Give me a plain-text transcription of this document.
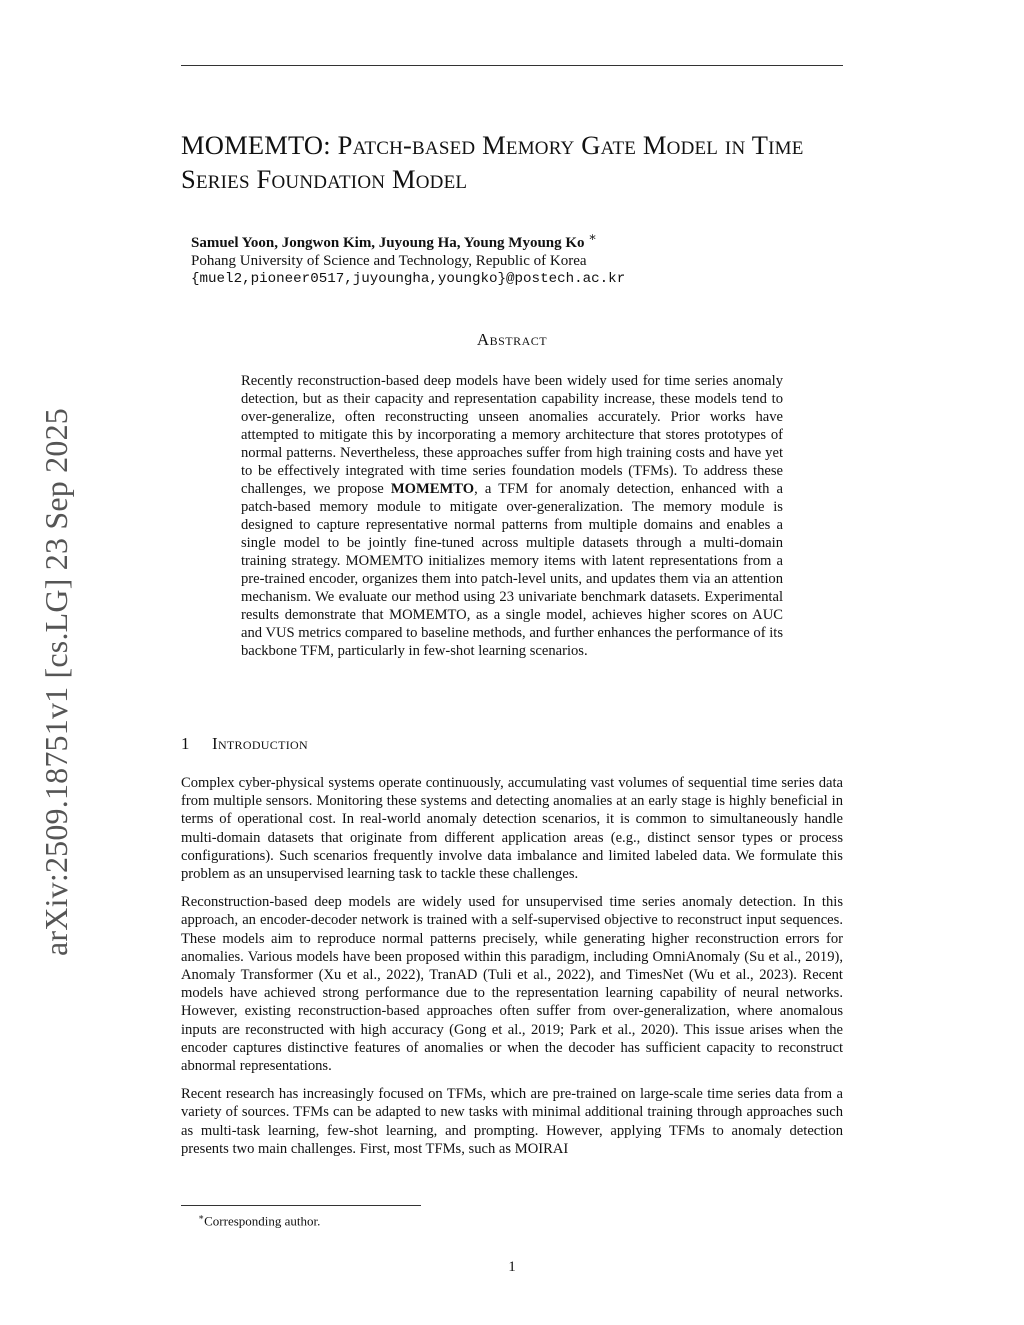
arXiv:2509.18751v1 [cs.LG] 23 Sep 2025
MOMEMTO: Patch-based Memory Gate Model in Time Series Foundation Model
Samuel Yoon, Jongwon Kim, Juyoung Ha, Young Myoung Ko ∗
Pohang University of Science and Technology, Republic of Korea
{muel2,pioneer0517,juyoungha,youngko}@postech.ac.kr
Abstract

Recently reconstruction-based deep models have been widely used for time series anomaly detection, but as their capacity and representation capability increase, these models tend to over-generalize, often reconstructing unseen anomalies accurately. Prior works have attempted to mitigate this by incorporating a memory architecture that stores prototypes of normal patterns. Nevertheless, these approaches suffer from high training costs and have yet to be effectively integrated with time series foundation models (TFMs). To address these challenges, we propose MOMEMTO, a TFM for anomaly detection, enhanced with a patch-based memory module to mitigate over-generalization. The memory module is designed to capture representative normal patterns from multiple domains and enables a single model to be jointly fine-tuned across multiple datasets through a multi-domain training strategy. MOMEMTO initializes memory items with latent representations from a pre-trained encoder, organizes them into patch-level units, and updates them via an attention mechanism. We evaluate our method using 23 univariate benchmark datasets. Experimental results demonstrate that MOMEMTO, as a single model, achieves higher scores on AUC and VUS metrics compared to baseline methods, and further enhances the performance of its backbone TFM, particularly in few-shot learning scenarios.

1 Introduction

Complex cyber-physical systems operate continuously, accumulating vast volumes of sequential time series data from multiple sensors. Monitoring these systems and detecting anomalies at an early stage is highly beneficial in terms of operational cost. In real-world anomaly detection scenarios, it is common to simultaneously handle multi-domain datasets that originate from different application areas (e.g., distinct sensor types or process configurations). Such scenarios frequently involve data imbalance and limited labeled data. We formulate this problem as an unsupervised learning task to tackle these challenges.

Reconstruction-based deep models are widely used for unsupervised time series anomaly detection. In this approach, an encoder-decoder network is trained with a self-supervised objective to reconstruct input sequences. These models aim to reproduce normal patterns precisely, while generating higher reconstruction errors for anomalies. Various models have been proposed within this paradigm, including OmniAnomaly (Su et al., 2019), Anomaly Transformer (Xu et al., 2022), TranAD (Tuli et al., 2022), and TimesNet (Wu et al., 2023). Recent models have achieved strong performance due to the representation learning capability of neural networks. However, existing reconstruction-based approaches often suffer from over-generalization, where anomalous inputs are reconstructed with high accuracy (Gong et al., 2019; Park et al., 2020). This issue arises when the encoder captures distinctive features of anomalies or when the decoder has sufficient capacity to reconstruct abnormal representations.

Recent research has increasingly focused on TFMs, which are pre-trained on large-scale time series data from a variety of sources. TFMs can be adapted to new tasks with minimal additional training through approaches such as multi-task learning, few-shot learning, and prompting. However, applying TFMs to anomaly detection presents two main challenges. First, most TFMs, such as MOIRAI

∗Corresponding author.
1
